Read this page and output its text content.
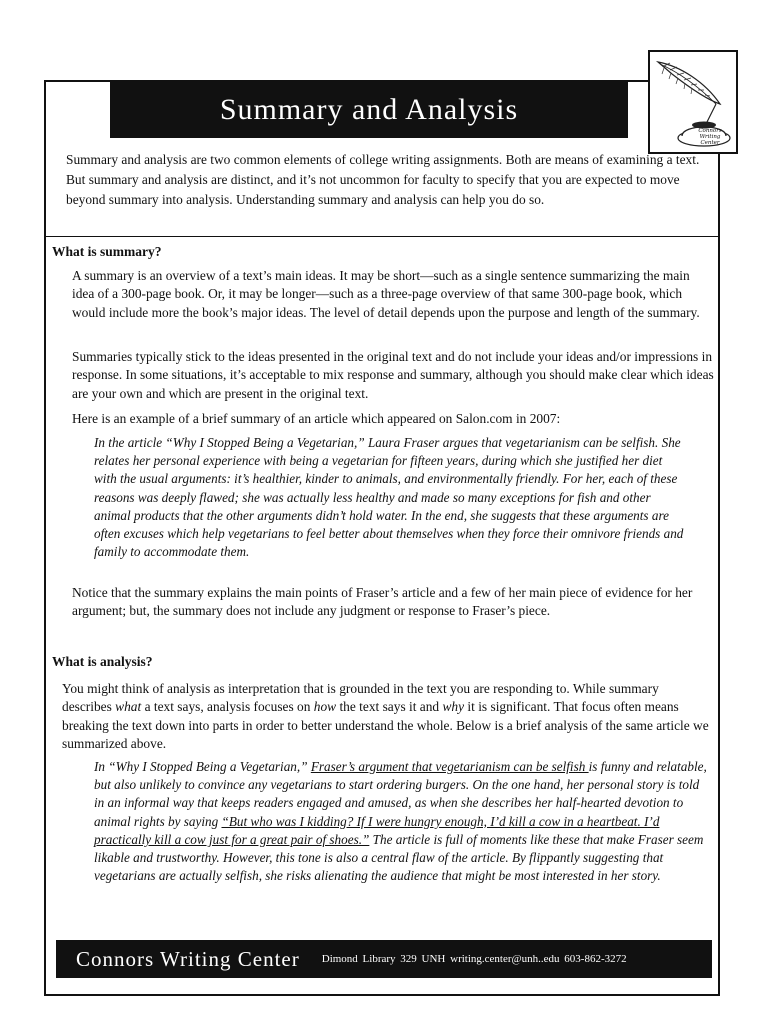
Summary and Analysis
Connors
Writing
Center
Summary and analysis are two common elements of college writing assignments. Both are means of examining a text. But summary and analysis are distinct, and it’s not uncommon for faculty to specify that you are expected to move beyond summary into analysis. Understanding summary and analysis can help you do so.
What is summary?
A summary is an overview of a text’s main ideas. It may be short—such as a single sentence summarizing the main idea of a 300-page book. Or, it may be longer—such as a three-page overview of that same 300-page book, which would include more the book’s major ideas. The level of detail depends upon the purpose and length of the summary.
Summaries typically stick to the ideas presented in the original text and do not include your ideas and/or impressions in response. In some situations, it’s acceptable to mix response and summary, although you should make clear which ideas are your own and which are present in the original text.
Here is an example of a brief summary of an article which appeared on Salon.com in 2007:
In the article “Why I Stopped Being a Vegetarian,” Laura Fraser argues that vegetarianism can be selfish. She relates her personal experience with being a vegetarian for fifteen years, during which she justified her diet with the usual arguments: it’s healthier, kinder to animals, and environmentally friendly. For her, each of these reasons was deeply flawed; she was actually less healthy and made so many exceptions for fish and other animal products that the other arguments didn’t hold water. In the end, she suggests that these arguments are often excuses which help vegetarians to feel better about themselves when they force their omnivore friends and family to accommodate them.
Notice that the summary explains the main points of Fraser’s article and a few of her main piece of evidence for her argument; but, the summary does not include any judgment or response to Fraser’s piece.
What is analysis?
You might think of analysis as interpretation that is grounded in the text you are responding to. While summary describes what a text says, analysis focuses on how the text says it and why it is significant. That focus often means breaking the text down into parts in order to better understand the whole. Below is a brief analysis of the same article we summarized above.
In “Why I Stopped Being a Vegetarian,” Fraser’s argument that vegetarianism can be selfish is funny and relatable, but also unlikely to convince any vegetarians to start ordering burgers. On the one hand, her personal story is told in an informal way that keeps readers engaged and amused, as when she describes her half-hearted devotion to animal rights by saying “But who was I kidding? If I were hungry enough, I’d kill a cow in a heartbeat. I’d practically kill a cow just for a great pair of shoes.” The article is full of moments like these that make Fraser seem likable and trustworthy. However, this tone is also a central flaw of the article. By flippantly suggesting that vegetarians are actually selfish, she risks alienating the audience that might be most interested in her story.
Connors Writing Center Dimond Library 329 UNH writing.center@unh..edu 603-862-3272
